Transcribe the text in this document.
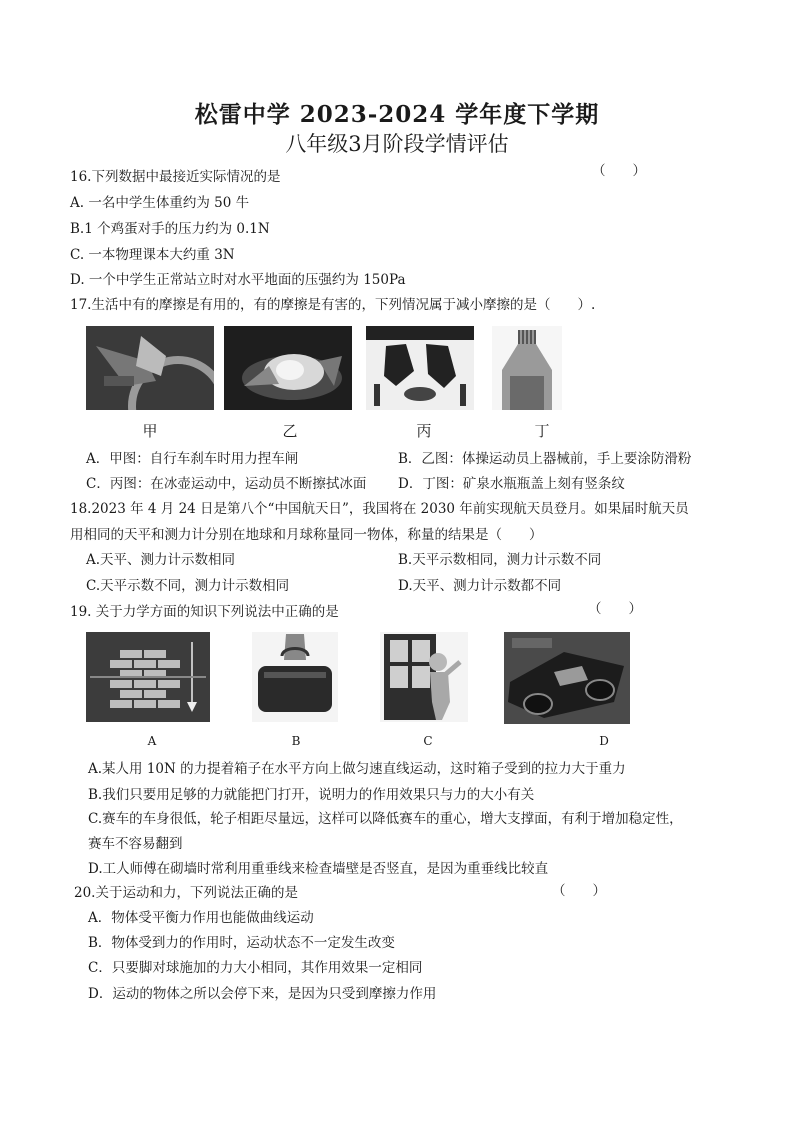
松雷中学 2023-2024 学年度下学期
八年级3月阶段学情评估
16.下列数据中最接近实际情况的是	（　　）
A. 一名中学生体重约为 50 牛
B.1 个鸡蛋对手的压力约为 0.1N
C. 一本物理课本大约重 3N
D. 一个中学生正常站立时对水平地面的压强约为 150Pa
17.生活中有的摩擦是有用的，有的摩擦是有害的，下列情况属于减小摩擦的是（　　）.
甲	乙	丙	丁
A．甲图：自行车刹车时用力捏车闸	B．乙图：体操运动员上器械前，手上要涂防滑粉
C．丙图：在冰壶运动中，运动员不断擦拭冰面 D．丁图：矿泉水瓶瓶盖上刻有竖条纹
18.2023 年 4 月 24 日是第八个“中国航天日”，我国将在 2030 年前实现航天员登月。如果届时航天员
用相同的天平和测力计分别在地球和月球称量同一物体，称量的结果是（　　）
A.天平、测力计示数相同	B.天平示数相同，测力计示数不同
C.天平示数不同，测力计示数相同	D.天平、测力计示数都不同
19. 关于力学方面的知识下列说法中正确的是	（　　）
A	B	C	D
A.某人用 10N 的力提着箱子在水平方向上做匀速直线运动，这时箱子受到的拉力大于重力
B.我们只要用足够的力就能把门打开，说明力的作用效果只与力的大小有关
C.赛车的车身很低，轮子相距尽量远，这样可以降低赛车的重心，增大支撑面，有利于增加稳定性，
赛车不容易翻到
D.工人师傅在砌墙时常利用重垂线来检查墙壁是否竖直，是因为重垂线比较直
20.关于运动和力，下列说法正确的是	（　　）
A．物体受平衡力作用也能做曲线运动
B．物体受到力的作用时，运动状态不一定发生改变
C．只要脚对球施加的力大小相同，其作用效果一定相同
D．运动的物体之所以会停下来，是因为只受到摩擦力作用
